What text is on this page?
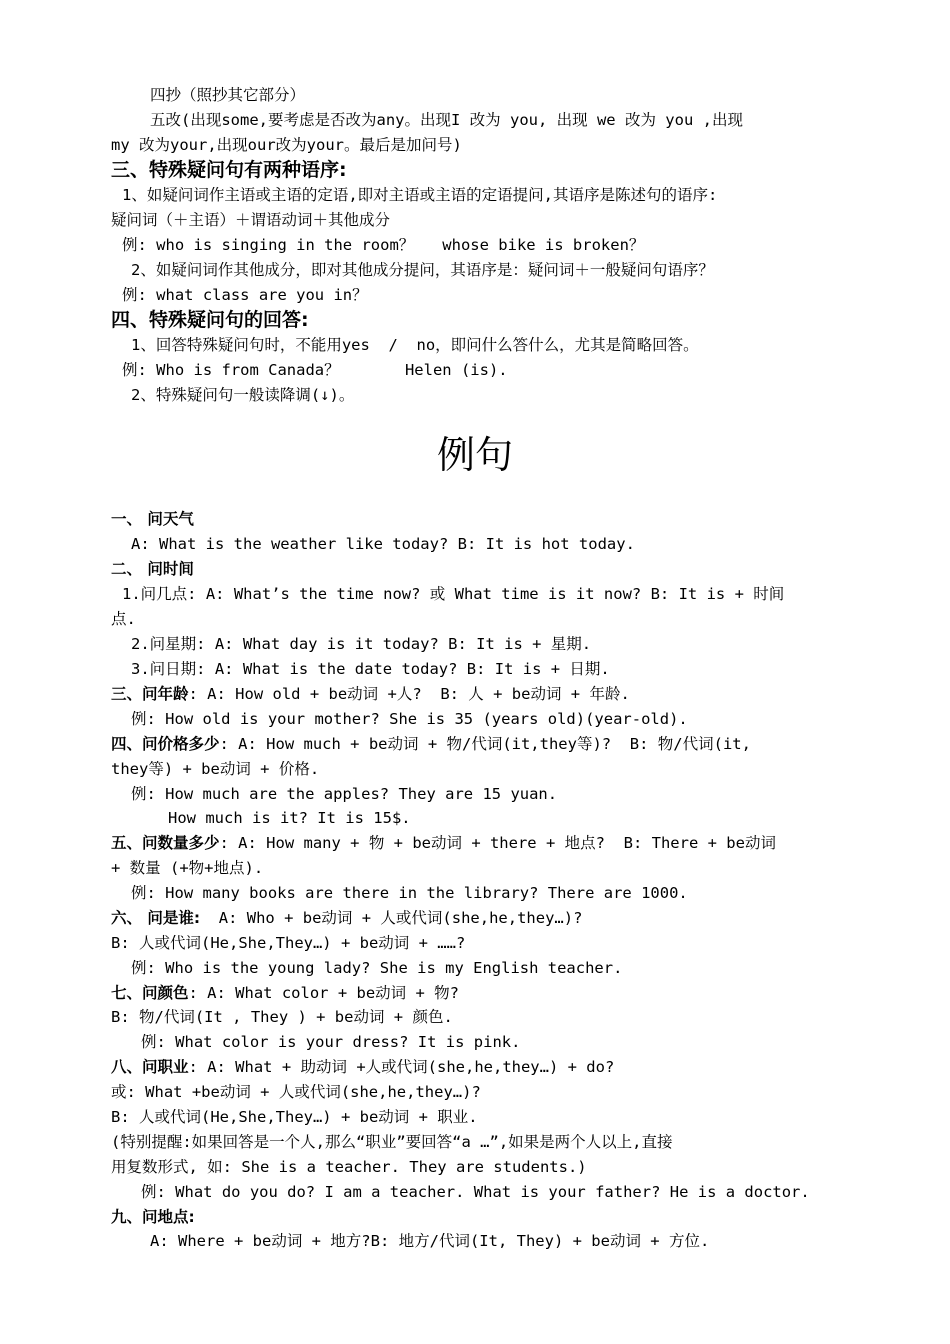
四抄（照抄其它部分）
五改(出现some,要考虑是否改为any。出现I 改为 you, 出现 we 改为 you ,出现
my 改为your,出现our改为your。最后是加问号)
三、特殊疑问句有两种语序:
1、如疑问词作主语或主语的定语,即对主语或主语的定语提问,其语序是陈述句的语序:
疑问词（＋主语）＋谓语动词＋其他成分
例: who is singing in the room？   whose bike is broken？
2、如疑问词作其他成分，即对其他成分提问，其语序是：疑问词＋一般疑问句语序？
例: what class are you in？
四、特殊疑问句的回答:
1、回答特殊疑问句时，不能用yes  /  no，即问什么答什么，尤其是简略回答。
例: Who is from Canada？       Helen (is).
2、特殊疑问句一般读降调(↓)。
例句
一、 问天气
A: What is the weather like today? B: It is hot today.
二、 问时间
1.问几点: A: What’s the time now? 或 What time is it now? B: It is + 时间
点.
2.问星期: A: What day is it today? B: It is + 星期.
3.问日期: A: What is the date today? B: It is + 日期.
三、问年龄: A: How old + be动词 +人?  B: 人 + be动词 + 年龄.
例: How old is your mother? She is 35 (years old)(year-old).
四、问价格多少: A: How much + be动词 + 物/代词(it,they等)?  B: 物/代词(it,
they等) + be动词 + 价格.
例: How much are the apples? They are 15 yuan.
How much is it? It is 15$.
五、问数量多少: A: How many + 物 + be动词 + there + 地点?  B: There + be动词
+ 数量 (+物+地点).
例: How many books are there in the library? There are 1000.
六、 问是谁:  A: Who + be动词 + 人或代词(she,he,they…)?
B: 人或代词(He,She,They…) + be动词 + ……?
例: Who is the young lady? She is my English teacher.
七、问颜色: A: What color + be动词 + 物?
B: 物/代词(It , They ) + be动词 + 颜色.
例: What color is your dress? It is pink.
八、问职业: A: What + 助动词 +人或代词(she,he,they…) + do?
或: What +be动词 + 人或代词(she,he,they…)?
B: 人或代词(He,She,They…) + be动词 + 职业.
(特别提醒:如果回答是一个人,那么“职业”要回答“a …”,如果是两个人以上,直接
用复数形式, 如: She is a teacher. They are students.)
例: What do you do? I am a teacher. What is your father? He is a doctor.
九、问地点:
A: Where + be动词 + 地方?B: 地方/代词(It, They) + be动词 + 方位.
